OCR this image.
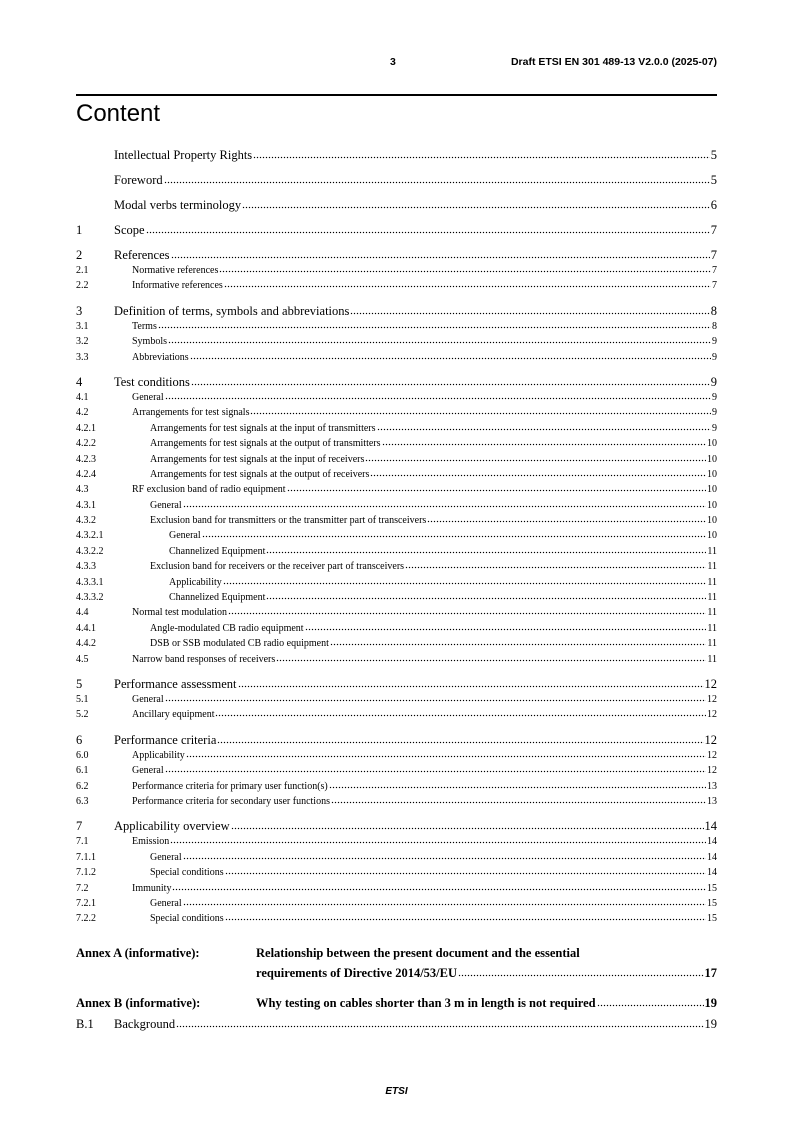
3	Draft ETSI EN 301 489-13 V2.0.0 (2025-07)
Content
Intellectual Property Rights	5
Foreword	5
Modal verbs terminology	6
1	Scope	7
2	References	7
2.1	Normative references	7
2.2	Informative references	7
3	Definition of terms, symbols and abbreviations	8
3.1	Terms	8
3.2	Symbols	9
3.3	Abbreviations	9
4	Test conditions	9
4.1	General	9
4.2	Arrangements for test signals	9
4.2.1	Arrangements for test signals at the input of transmitters	9
4.2.2	Arrangements for test signals at the output of transmitters	10
4.2.3	Arrangements for test signals at the input of receivers	10
4.2.4	Arrangements for test signals at the output of receivers	10
4.3	RF exclusion band of radio equipment	10
4.3.1	General	10
4.3.2	Exclusion band for transmitters or the transmitter part of transceivers	10
4.3.2.1	General	10
4.3.2.2	Channelized Equipment	11
4.3.3	Exclusion band for receivers or the receiver part of transceivers	11
4.3.3.1	Applicability	11
4.3.3.2	Channelized Equipment	11
4.4	Normal test modulation	11
4.4.1	Angle-modulated CB radio equipment	11
4.4.2	DSB or SSB modulated CB radio equipment	11
4.5	Narrow band responses of receivers	11
5	Performance assessment	12
5.1	General	12
5.2	Ancillary equipment	12
6	Performance criteria	12
6.0	Applicability	12
6.1	General	12
6.2	Performance criteria for primary user function(s)	13
6.3	Performance criteria for secondary user functions	13
7	Applicability overview	14
7.1	Emission	14
7.1.1	General	14
7.1.2	Special conditions	14
7.2	Immunity	15
7.2.1	General	15
7.2.2	Special conditions	15
Annex A (informative):	Relationship between the present document and the essential
requirements of Directive 2014/53/EU	17
Annex B (informative):	Why testing on cables shorter than 3 m in length is not required	19
B.1	Background	19
ETSI
